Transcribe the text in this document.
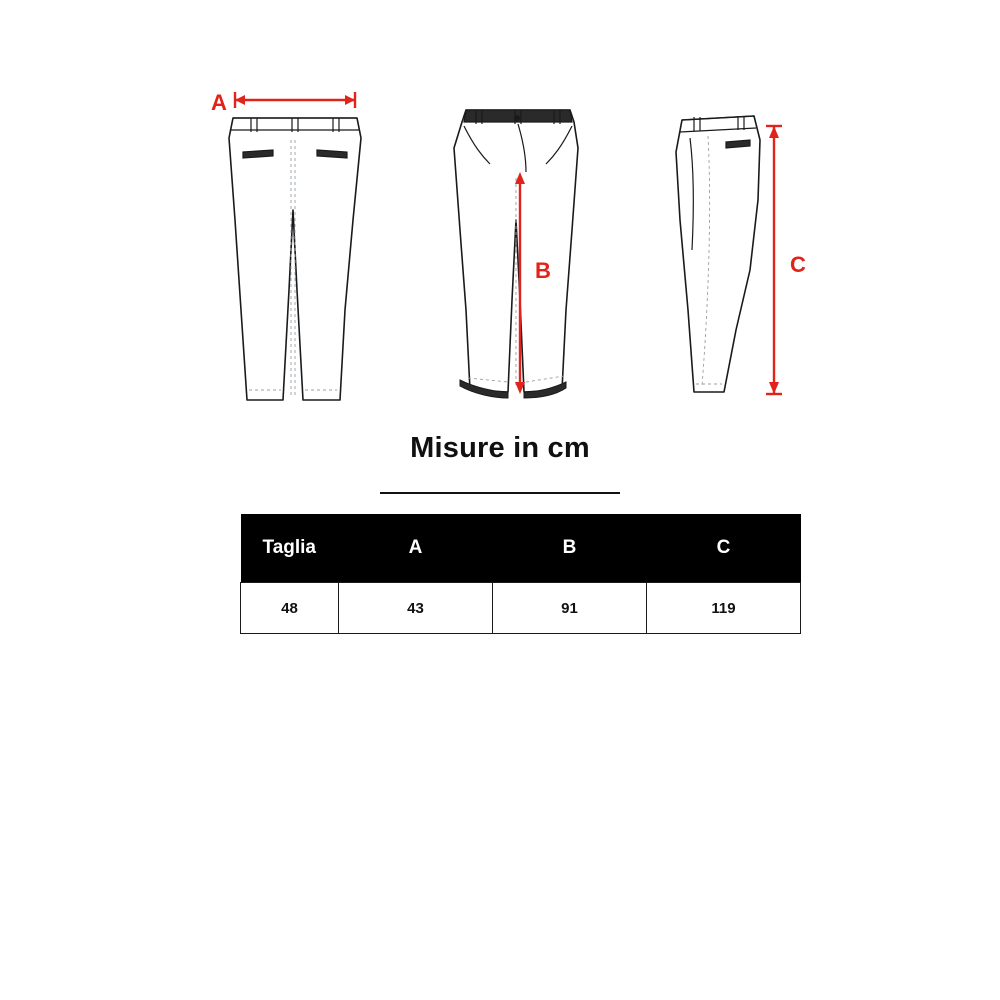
A
B	C
Misure in cm
Taglia	A	B	C
48	43	91	119
